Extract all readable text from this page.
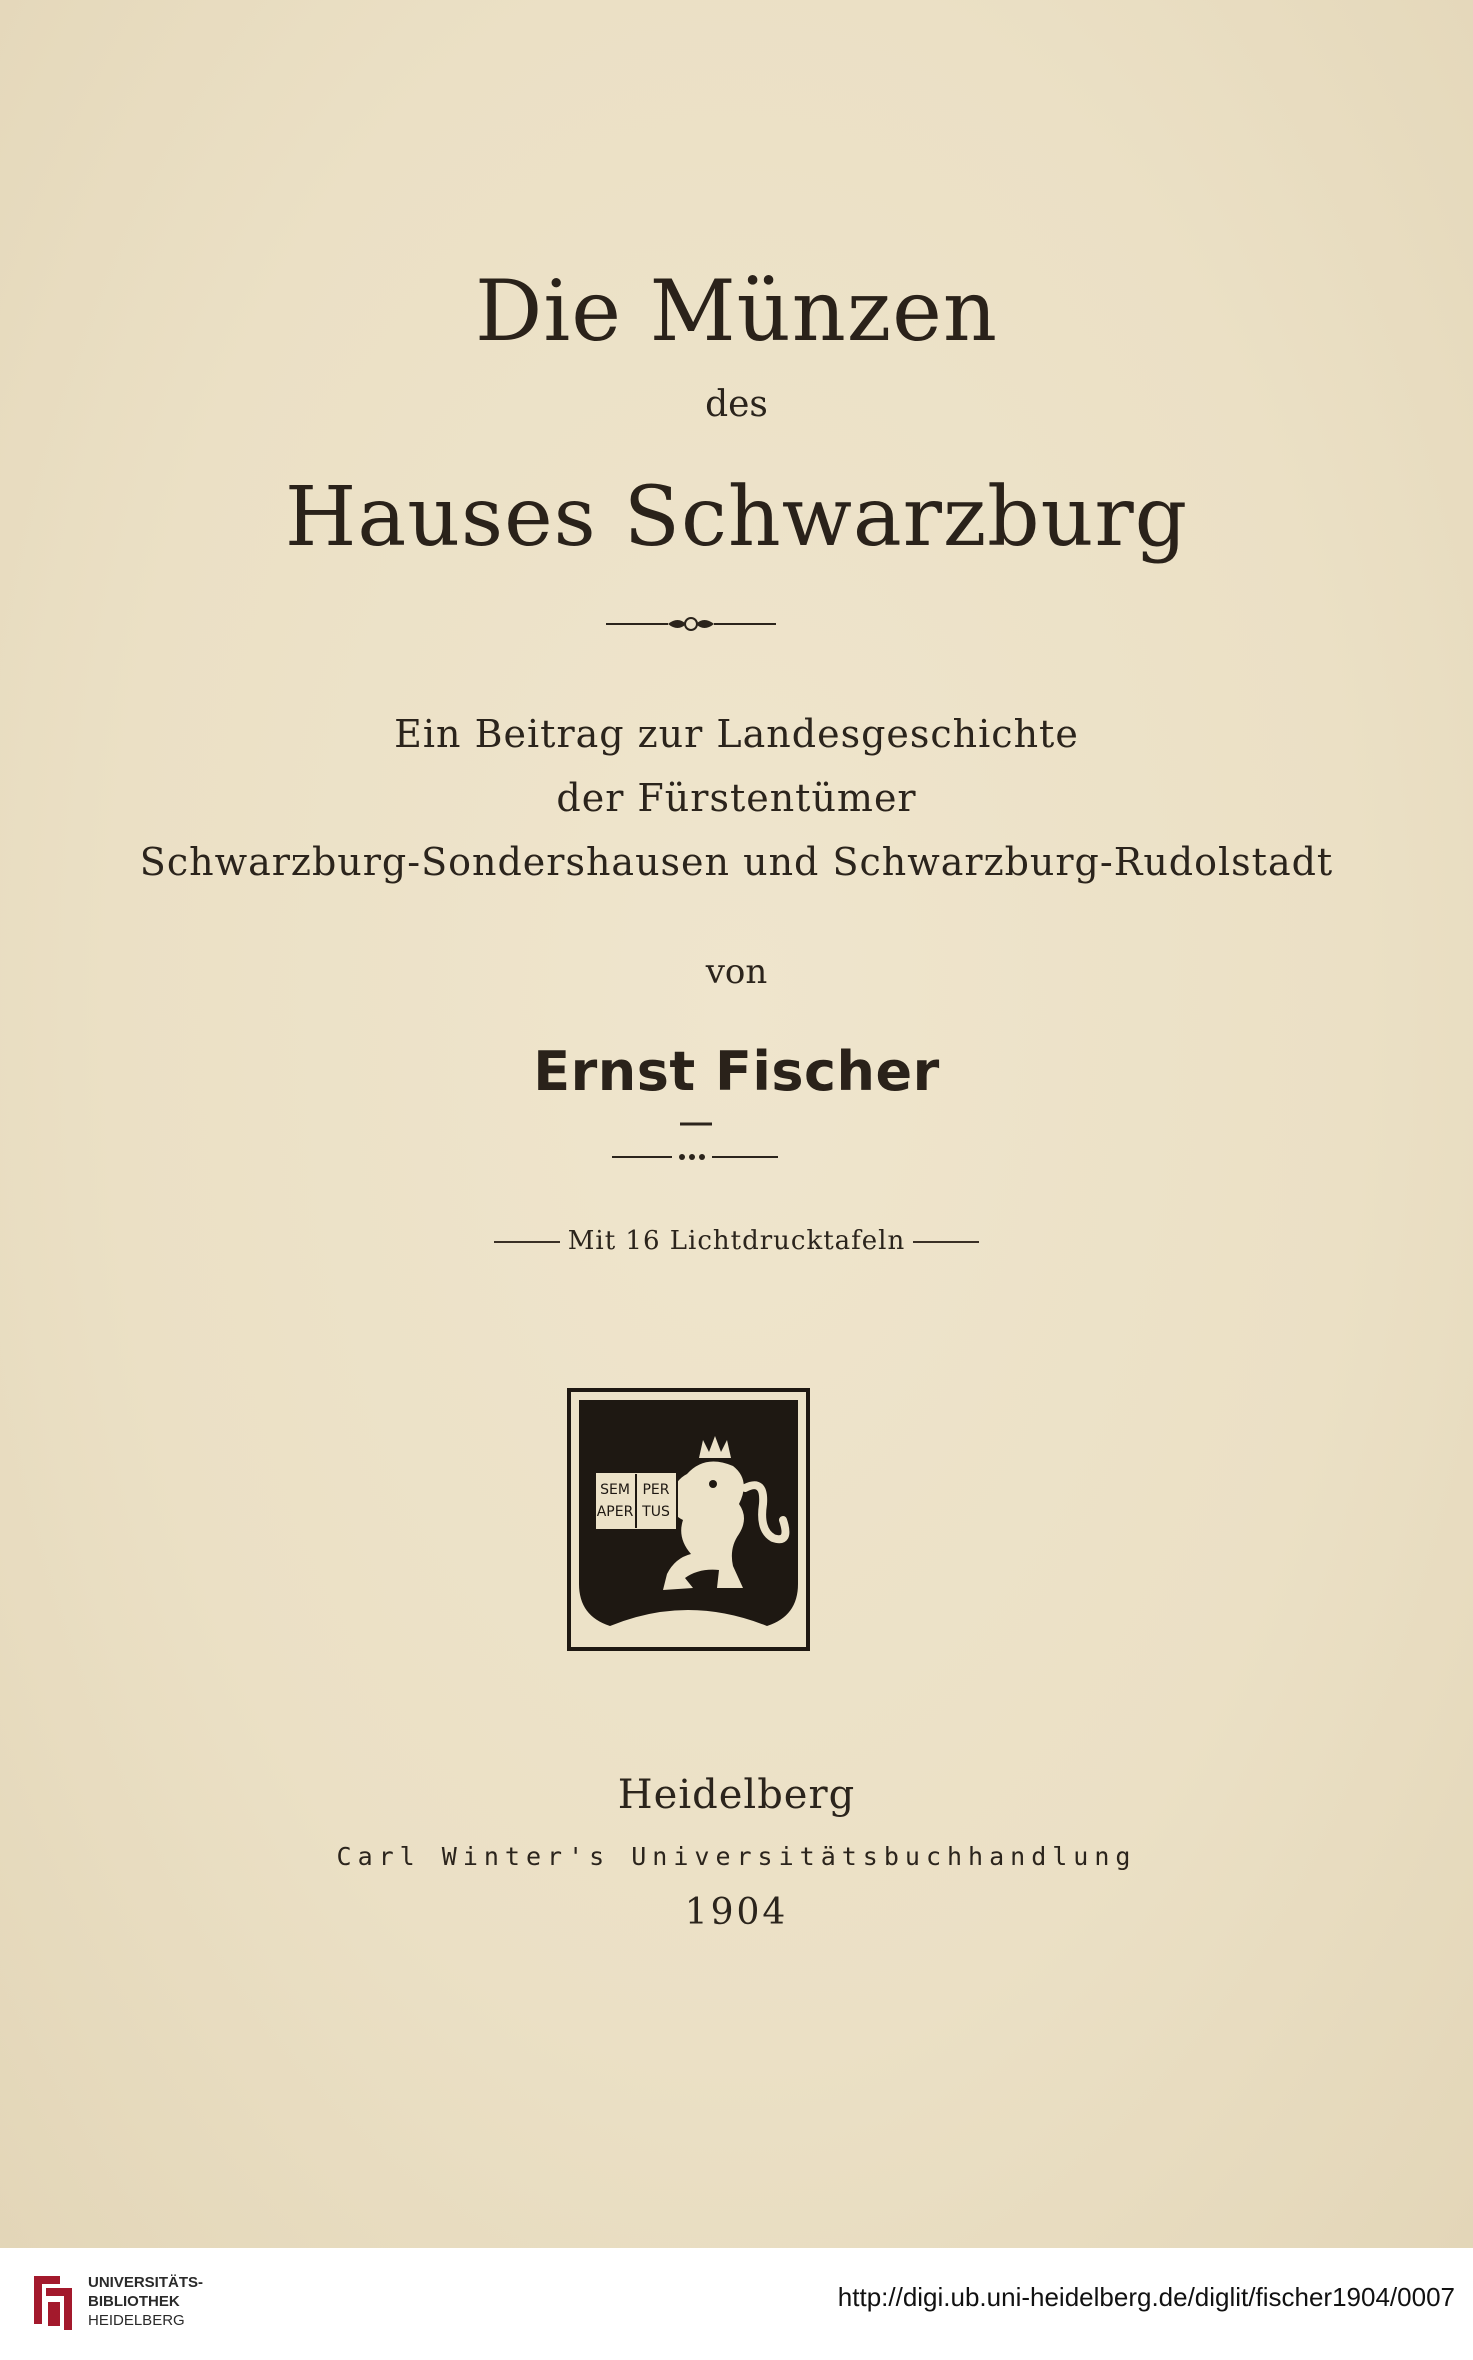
Die Münzen
des
Hauses Schwarzburg
Ein Beitrag zur Landesgeschichte
der Fürstentümer
Schwarzburg-Sondershausen und Schwarzburg-Rudolstadt
von
Ernst Fischer
Mit 16 Lichtdrucktafeln
SEM PER
APER TUS
Heidelberg
Carl Winter's Universitätsbuchhandlung
1904
UNIVERSITÄTS-
BIBLIOTHEK
HEIDELBERG
http://digi.ub.uni-heidelberg.de/diglit/fischer1904/0007
